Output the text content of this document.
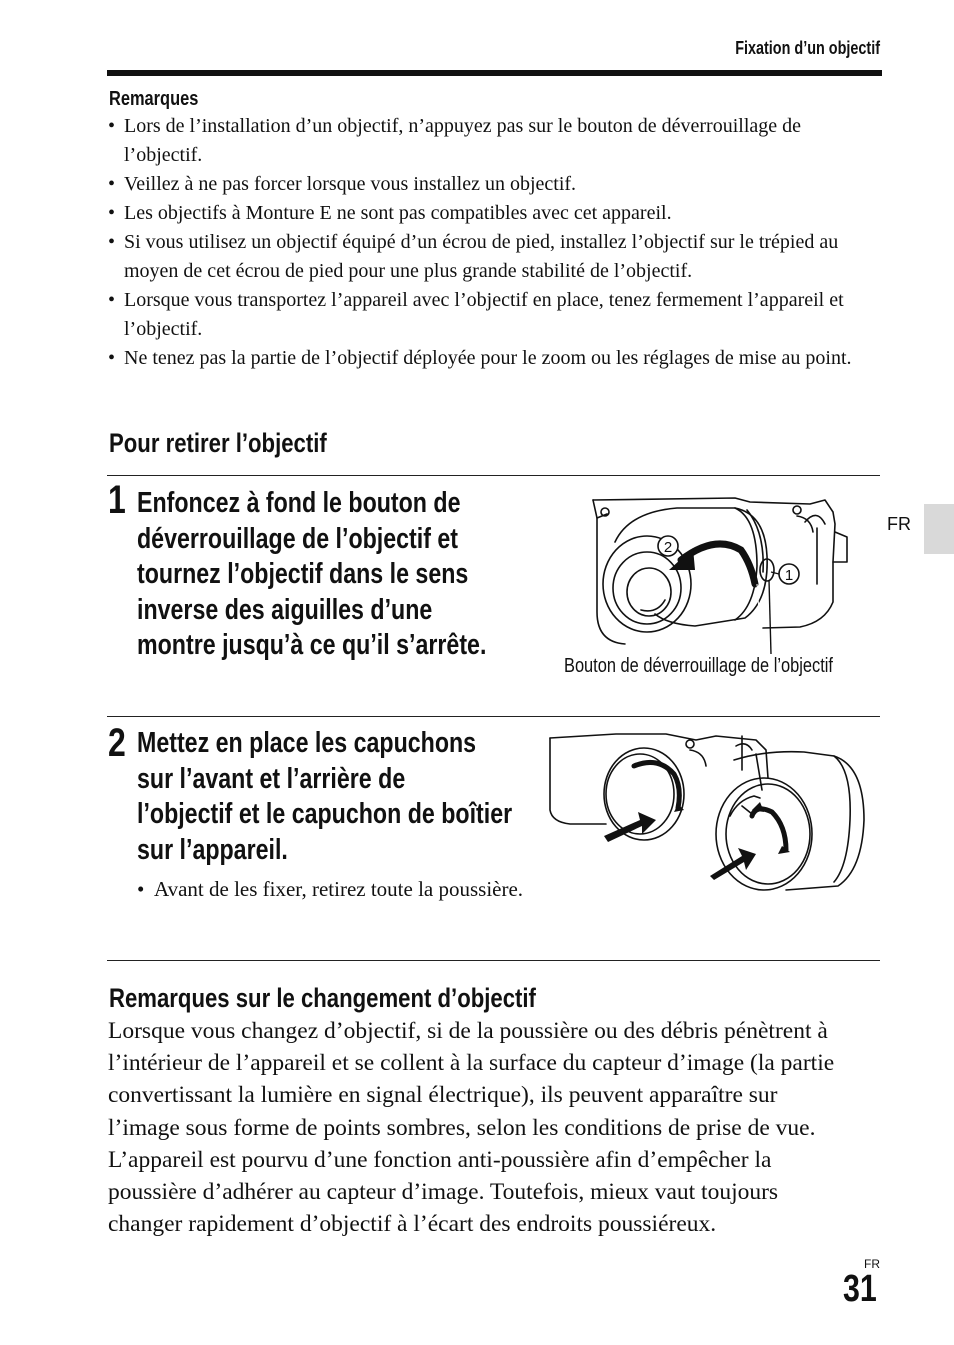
Fixation d’un objectif
Remarques
• Lors de l’installation d’un objectif, n’appuyez pas sur le bouton de déverrouillage de l’objectif.
• Veillez à ne pas forcer lorsque vous installez un objectif.
• Les objectifs à Monture E ne sont pas compatibles avec cet appareil.
• Si vous utilisez un objectif équipé d’un écrou de pied, installez l’objectif sur le trépied au moyen de cet écrou de pied pour une plus grande stabilité de l’objectif.
• Lorsque vous transportez l’appareil avec l’objectif en place, tenez fermement l’appareil et l’objectif.
• Ne tenez pas la partie de l’objectif déployée pour le zoom ou les réglages de mise au point.
Pour retirer l’objectif
1 Enfoncez à fond le bouton de
déverrouillage de l’objectif et
tournez l’objectif dans le sens
inverse des aiguilles d’une
montre jusqu’à ce qu’il s’arrête.
2
1
Bouton de déverrouillage de l’objectif
2 Mettez en place les capuchons
sur l’avant et l’arrière de
l’objectif et le capuchon de boîtier
sur l’appareil.
• Avant de les fixer, retirez toute la poussière.
Remarques sur le changement d’objectif
Lorsque vous changez d’objectif, si de la poussière ou des débris pénètrent à
l’intérieur de l’appareil et se collent à la surface du capteur d’image (la partie
convertissant la lumière en signal électrique), ils peuvent apparaître sur
l’image sous forme de points sombres, selon les conditions de prise de vue.
L’appareil est pourvu d’une fonction anti-poussière afin d’empêcher la
poussière d’adhérer au capteur d’image. Toutefois, mieux vaut toujours
changer rapidement d’objectif à l’écart des endroits poussiéreux.
FR
FR
31
